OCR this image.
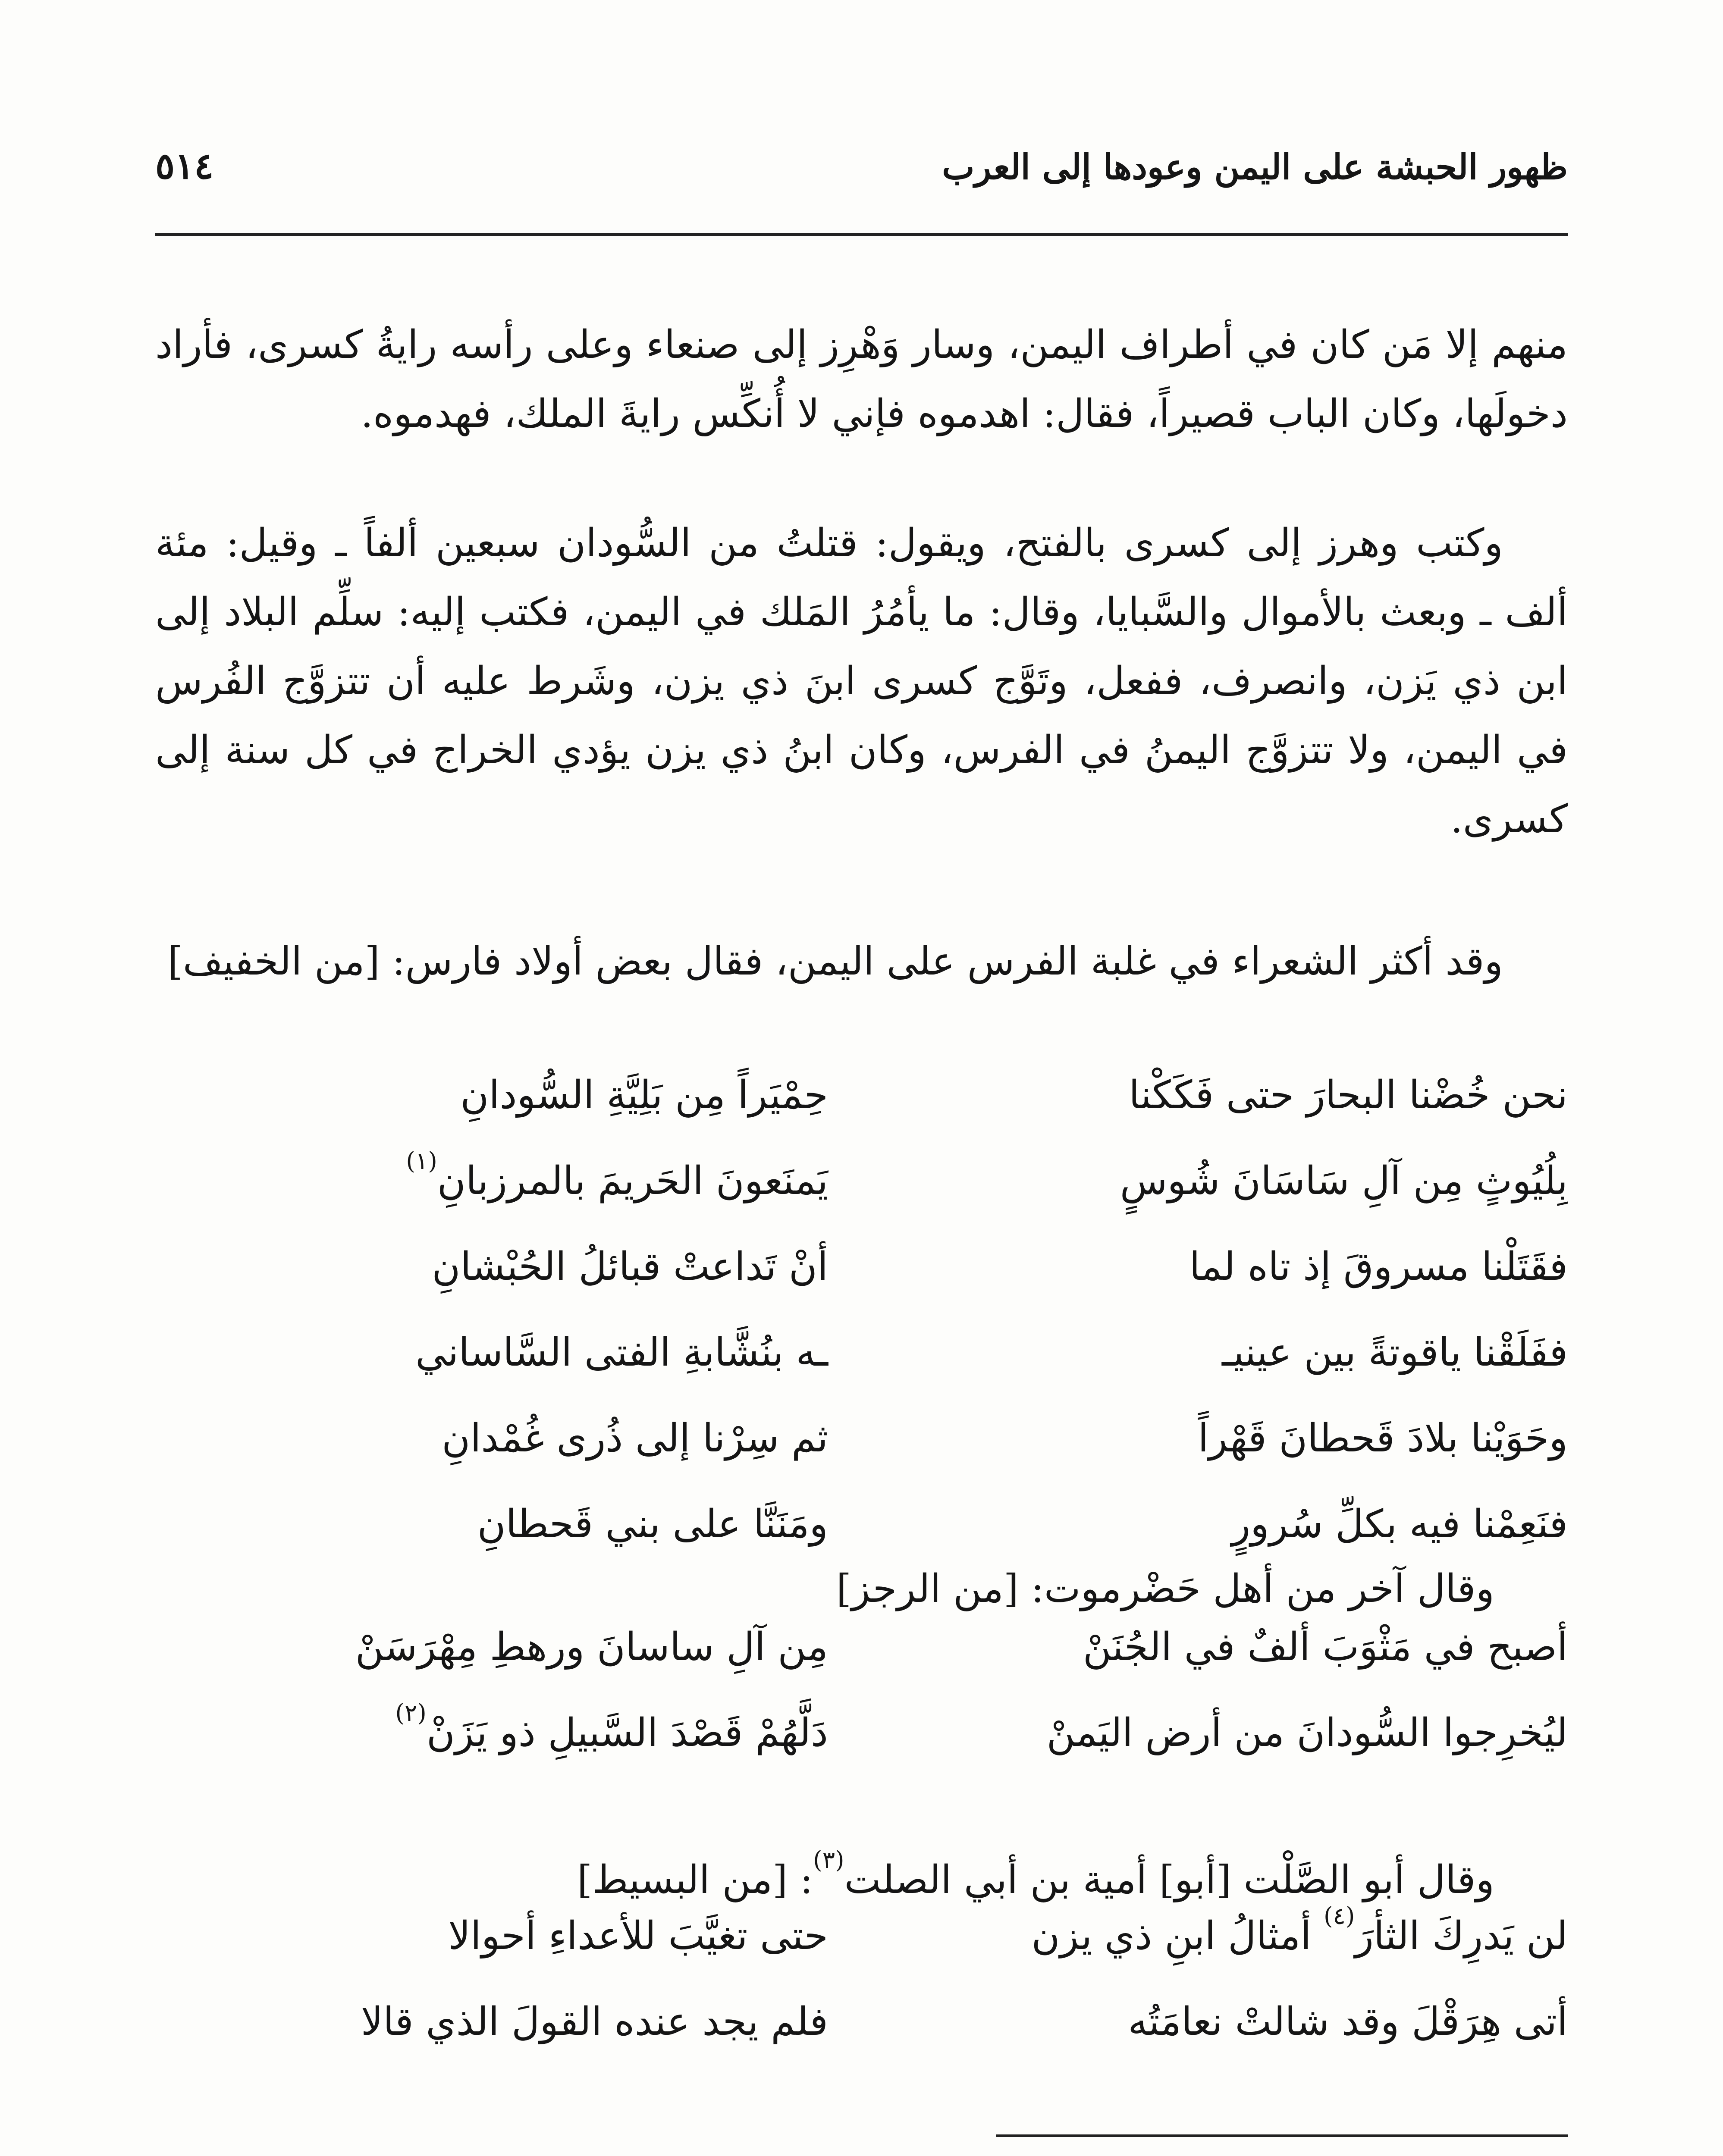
٥١٤	ظهور الحبشة على اليمن وعودها إلى العرب

منهم إلا مَن كان في أطراف اليمن، وسار وَهْرِز إلى صنعاء وعلى رأسه رايةُ كسرى، فأراد دخولَها، وكان الباب قصيراً، فقال: اهدموه فإني لا أُنكِّس رايةَ الملك، فهدموه.

وكتب وهرز إلى كسرى بالفتح، ويقول: قتلتُ من السُّودان سبعين ألفاً ـ وقيل: مئة ألف ـ وبعث بالأموال والسَّبايا، وقال: ما يأمُرُ المَلك في اليمن، فكتب إليه: سلِّم البلاد إلى ابن ذي يَزن، وانصرف، ففعل، وتَوَّج كسرى ابنَ ذي يزن، وشَرط عليه أن تتزوَّج الفُرس في اليمن، ولا تتزوَّج اليمنُ في الفرس، وكان ابنُ ذي يزن يؤدي الخراج في كل سنة إلى كسرى.

وقد أكثر الشعراء في غلبة الفرس على اليمن، فقال بعض أولاد فارس: [من الخفيف]

نحن خُضْنا البحارَ حتى فَكَكْنا
حِمْيَراً مِن بَلِيَّةِ السُّودانِ
بِلُيُوثٍ مِن آلِ سَاسَانَ شُوسٍ
يَمنَعونَ الحَريمَ بالمرزبانِ$^{(١)}$
فقَتَلْنا مسروقَ إذ تاه لما
أنْ تَداعتْ قبائلُ الحُبْشانِ
ففَلَقْنا ياقوتةً بين عينيـ
ـه بنُشَّابةِ الفتى السَّاساني
وحَوَيْنا بلادَ قَحطانَ قَهْراً
ثم سِرْنا إلى ذُرى غُمْدانِ
فنَعِمْنا فيه بكلِّ سُرورٍ
ومَنَنَّا على بني قَحطانِ
وقال آخر من أهل حَضْرموت: [من الرجز]
أصبح في مَثْوَبَ ألفٌ في الجُنَنْ
مِن آلِ ساسانَ ورهطِ مِهْرَسَنْ
ليُخرِجوا السُّودانَ من أرض اليَمنْ
دَلَّهُمْ قَصْدَ السَّبيلِ ذو يَزَنْ$^{(٢)}$
وقال أبو الصَّلْت [أبو] أمية بن أبي الصلت$^{(٣)}$: [من البسيط]
لن يَدرِكَ الثأرَ$^{(٤)}$ أمثالُ ابنِ ذي يزن
حتى تغيَّبَ للأعداءِ أحوالا
أتى هِرَقْلَ وقد شالتْ نعامَتُه
فلم يجد عنده القولَ الذي قالا
